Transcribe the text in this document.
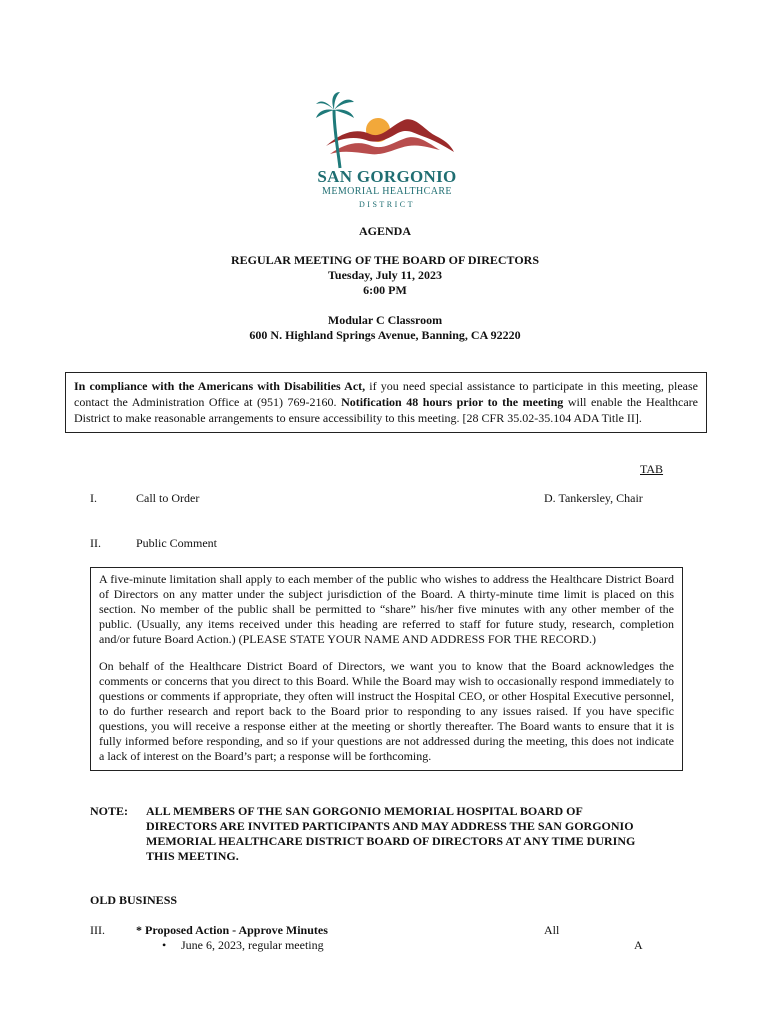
SAN GORGONIO
MEMORIAL HEALTHCARE
DISTRICT
AGENDA
REGULAR MEETING OF THE BOARD OF DIRECTORS
Tuesday, July 11, 2023
6:00 PM
Modular C Classroom
600 N. Highland Springs Avenue, Banning, CA 92220
In compliance with the Americans with Disabilities Act, if you need special assistance to participate in this meeting, please contact the Administration Office at (951) 769-2160. Notification 48 hours prior to the meeting will enable the Healthcare District to make reasonable arrangements to ensure accessibility to this meeting. [28 CFR 35.02-35.104 ADA Title II].
TAB
I.	Call to Order	D. Tankersley, Chair
II.	Public Comment

A five-minute limitation shall apply to each member of the public who wishes to address the Healthcare District Board of Directors on any matter under the subject jurisdiction of the Board. A thirty-minute time limit is placed on this section. No member of the public shall be permitted to “share” his/her five minutes with any other member of the public. (Usually, any items received under this heading are referred to staff for future study, research, completion and/or future Board Action.) (PLEASE STATE YOUR NAME AND ADDRESS FOR THE RECORD.)

On behalf of the Healthcare District Board of Directors, we want you to know that the Board acknowledges the comments or concerns that you direct to this Board. While the Board may wish to occasionally respond immediately to questions or comments if appropriate, they often will instruct the Hospital CEO, or other Hospital Executive personnel, to do further research and report back to the Board prior to responding to any issues raised. If you have specific questions, you will receive a response either at the meeting or shortly thereafter. The Board wants to ensure that it is fully informed before responding, and so if your questions are not addressed during the meeting, this does not indicate a lack of interest on the Board’s part; a response will be forthcoming.

NOTE: ALL MEMBERS OF THE SAN GORGONIO MEMORIAL HOSPITAL BOARD OF
DIRECTORS ARE INVITED PARTICIPANTS AND MAY ADDRESS THE SAN GORGONIO
MEMORIAL HEALTHCARE DISTRICT BOARD OF DIRECTORS AT ANY TIME DURING
THIS MEETING.
OLD BUSINESS
III.	* Proposed Action - Approve Minutes	All
• June 6, 2023, regular meeting	A
